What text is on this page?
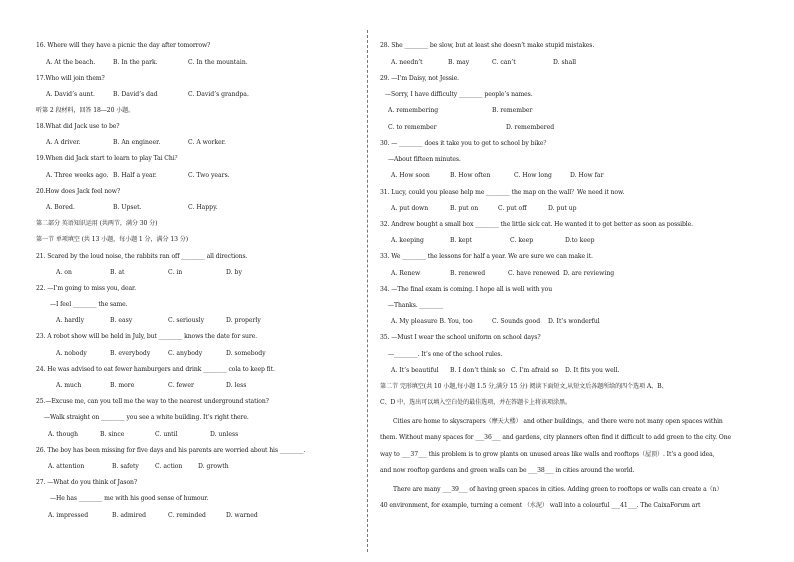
16. Where will they have a picnic the day after tomorrow?
A. At the beach.	B. In the park.	C. In the mountain.
17.Who will join them?
A. David’s aunt.	B. David’s dad	C. David’s grandpa.
听第 2 段材料，回答 18—20 小题。
18.What did Jack use to be?
A. A driver.	B. An engineer.	C. A worker.
19.When did Jack start to learn to play Tai Chi？
A. Three weeks ago. B. Half a year.	C. Two years.
20.How does Jack feel now?
A. Bored.	B. Upset.	C. Happy.
第二部分 英语知识运用 (共两节，满分 30 分)
第一节 单项填空 (共 13 小题，每小题 1 分，满分 13 分)
21. Scared by the loud noise, the rabbits ran off ________ all directions.
A. on	B. at	C. in	D. by
22. —I’m going to miss you, dear.
—I feel ________ the same.
A. hardly	B. easy	C. seriously	D. properly
23. A robot show will be held in July, but ________ knows the date for sure.
A. nobody	B. everybody	C. anybody	D. somebody
24. He was advised to eat fewer hamburgers and drink ________ cola to keep fit.
A. much	B. more	C. fewer	D. less
25.—Excuse me, can you tell me the way to the nearest underground station?
—Walk straight on ________ you see a white building. It’s right there.
A. though	B. since	C. until	D. unless
26. The boy has been missing for five days and his parents are worried about his ________.
A. attention	B. safety	C. action	D. growth
27. —What do you think of Jason?
—He has ________ me with his good sense of humour.
A. impressed	B. admired	C. reminded	D. warned
28. She ________ be slow, but at least she doesn’t make stupid mistakes.
A. needn’t	B. may	C. can’t	D. shall
29. —I’m Daisy, not Jessie.
—Sorry, I have difficulty ________ people’s names.
A. remembering	B. remember
C. to remember	D. remembered
30. — ________ does it take you to get to school by bike？
—About fifteen minutes.
A. How soon	B. How often	C. How long	D. How far
31. Lucy, could you please help me ________ the map on the wall？We need it now.
A. put down	B. put on	C. put off	D. put up
32. Andrew bought a small box ________ the little sick cat. He wanted it to get better as soon as possible.
A. keeping	B. kept	C. keep	D.to keep
33. We ________ the lessons for half a year. We are sure we can make it.
A. Renew	B. renewed	C. have renewed D. are reviewing
34. —The final exam is coming. I hope all is well with you
—Thanks. ________
A. My pleasure B. You, too	C. Sounds good D. It’s wonderful
35. —Must I wear the school uniform on school days?
—________. It’s one of the school rules.
A. It’s beautiful B. I don’t think so C. I’m afraid so D. It fits you well.
第二节 完形填空(共 10 小题,每小题 1.5 分,满分 15 分) 阅读下面短文,从短文后各题所给的四个选项 A、B、
C、D 中，选出可以填入空白处的最佳选项，并在答题卡上将该项涂黑。
Cities are home to skyscrapers（摩天大楼） and other buildings，and there were not many open spaces within
them. Without many spaces for ___36___ and gardens, city planners often find it difficult to add green to the city. One
way to ___37___ this problem is to grow plants on unused areas like walls and rooftops（屋顶）. It’s a good idea,
and now rooftop gardens and green walls can be ___38___ in cities around the world.
There are many ___39___ of having green spaces in cities. Adding green to rooftops or walls can create a（n）
40 environment, for example, turning a cement （水泥） wall into a colourful ___41___. The CaixaForum art
